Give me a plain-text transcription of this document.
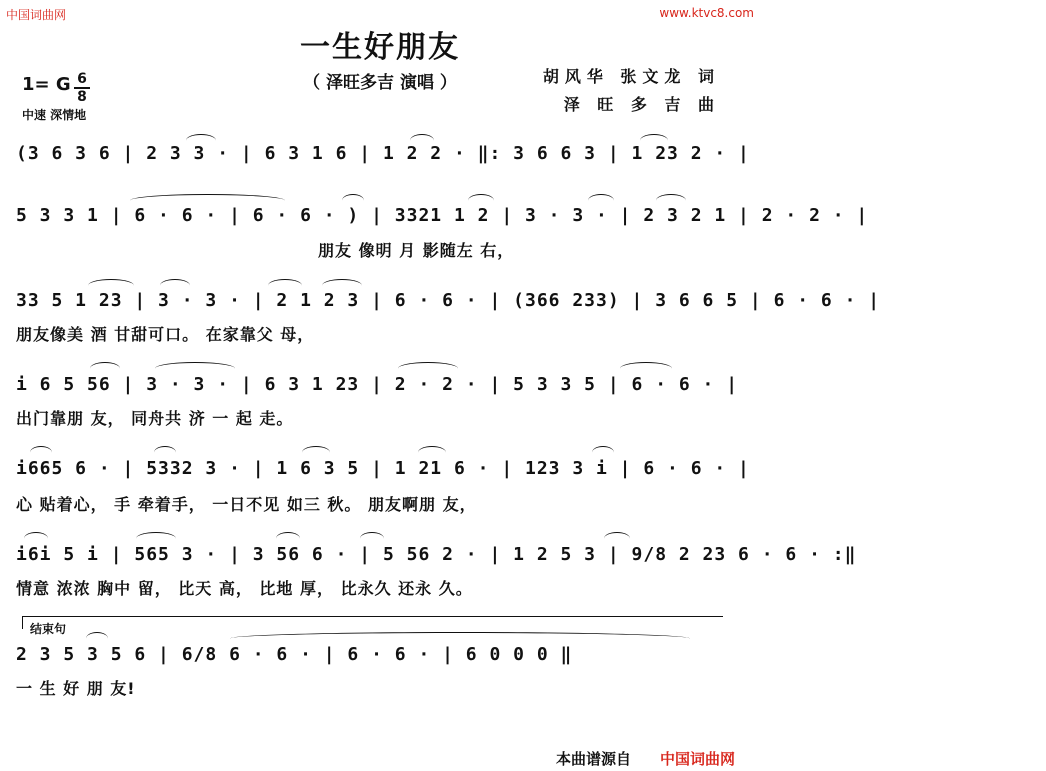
中国词曲网	www.ktvc8.com
一生好朋友
（ 泽旺多吉 演唱 ）	胡风华 张文龙 词
泽 旺 多 吉 曲
1= G 6
8
中速 深情地
(3 6 3 6 | 2 3 3 · | 6 3 1 6 | 1 2 2 · ‖: 3 6 6 3 | 1 23 2 · |
5 3 3 1 | 6 · 6 · | 6 · 6 · ) | 3321 1 2 | 3 · 3 · | 2 3 2 1 | 2 · 2 · |
朋友 像明 月 影随左 右，
33 5 1 23 | 3 · 3 · | 2 1 2 3 | 6 · 6 · | (366 233) | 3 6 6 5 | 6 · 6 · |
朋友像美 酒 甘甜可口。 在家靠父 母，
i 6 5 56 | 3 · 3 · | 6 3 1 23 | 2 · 2 · | 5 3 3 5 | 6 · 6 · |
出门靠朋 友， 同舟共 济 一 起 走。
i665 6 · | 5332 3 · | 1 6 3 5 | 1 21 6 · | 123 3 i | 6 · 6 · |
心 贴着心， 手 牵着手， 一日不见 如三 秋。 朋友啊朋 友，
i6i 5 i | 565 3 · | 3 56 6 · | 5 56 2 · | 1 2 5 3 | 9/8 2 23 6 · 6 · :‖
情意 浓浓 胸中 留， 比天 高， 比地 厚， 比永久 还永 久。
结束句
2 3 5 3 5 6 | 6/8 6 · 6 · | 6 · 6 · | 6 0 0 0 ‖
一 生 好 朋 友!
本曲谱源自 中国词曲网
